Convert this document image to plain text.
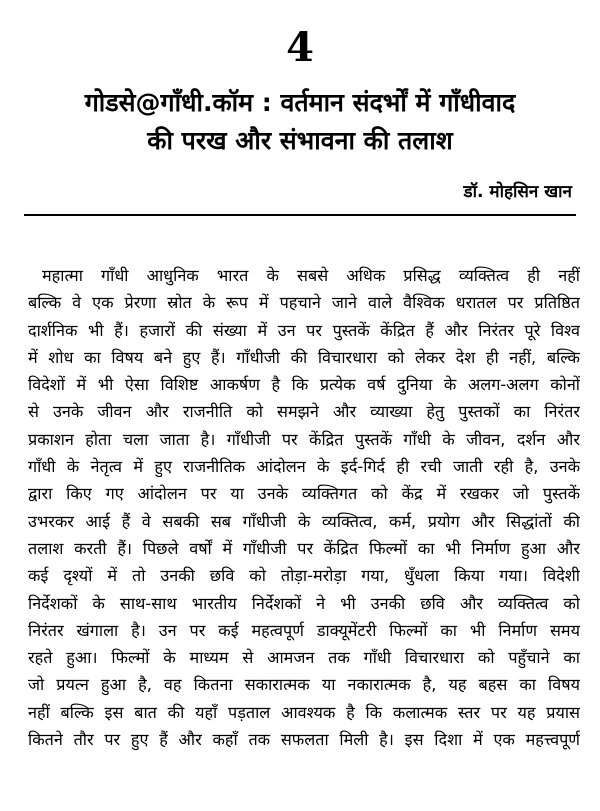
4
गोडसे@गाँधी.कॉम : वर्तमान संदर्भों में गाँधीवाद
की परख और संभावना की तलाश
डॉ. मोहसिन खान
महात्मा गाँधी आधुनिक भारत के सबसे अधिक प्रसिद्ध व्यक्तित्व ही नहीं
बल्कि वे एक प्रेरणा स्रोत के रूप में पहचाने जाने वाले वैश्विक धरातल पर प्रतिष्ठित
दार्शनिक भी हैं। हजारों की संख्या में उन पर पुस्तकें केंद्रित हैं और निरंतर पूरे विश्व
में शोध का विषय बने हुए हैं। गाँधीजी की विचारधारा को लेकर देश ही नहीं, बल्कि
विदेशों में भी ऐसा विशिष्ट आकर्षण है कि प्रत्येक वर्ष दुनिया के अलग-अलग कोनों
से उनके जीवन और राजनीति को समझने और व्याख्या हेतु पुस्तकों का निरंतर
प्रकाशन होता चला जाता है। गाँधीजी पर केंद्रित पुस्तकें गाँधी के जीवन, दर्शन और
गाँधी के नेतृत्व में हुए राजनीतिक आंदोलन के इर्द-गिर्द ही रची जाती रही है, उनके
द्वारा किए गए आंदोलन पर या उनके व्यक्तिगत को केंद्र में रखकर जो पुस्तकें
उभरकर आई हैं वे सबकी सब गाँधीजी के व्यक्तित्व, कर्म, प्रयोग और सिद्धांतों की
तलाश करती हैं। पिछले वर्षों में गाँधीजी पर केंद्रित फिल्मों का भी निर्माण हुआ और
कई दृश्यों में तो उनकी छवि को तोड़ा-मरोड़ा गया, धुँधला किया गया। विदेशी
निर्देशकों के साथ-साथ भारतीय निर्देशकों ने भी उनकी छवि और व्यक्तित्व को
निरंतर खंगाला है। उन पर कई महत्वपूर्ण डाक्यूमेंटरी फिल्मों का भी निर्माण समय
रहते हुआ। फिल्मों के माध्यम से आमजन तक गाँधी विचारधारा को पहुँचाने का
जो प्रयत्न हुआ है, वह कितना सकारात्मक या नकारात्मक है, यह बहस का विषय
नहीं बल्कि इस बात की यहाँ पड़ताल आवश्यक है कि कलात्मक स्तर पर यह प्रयास
कितने तौर पर हुए हैं और कहाँ तक सफलता मिली है। इस दिशा में एक महत्त्वपूर्ण
